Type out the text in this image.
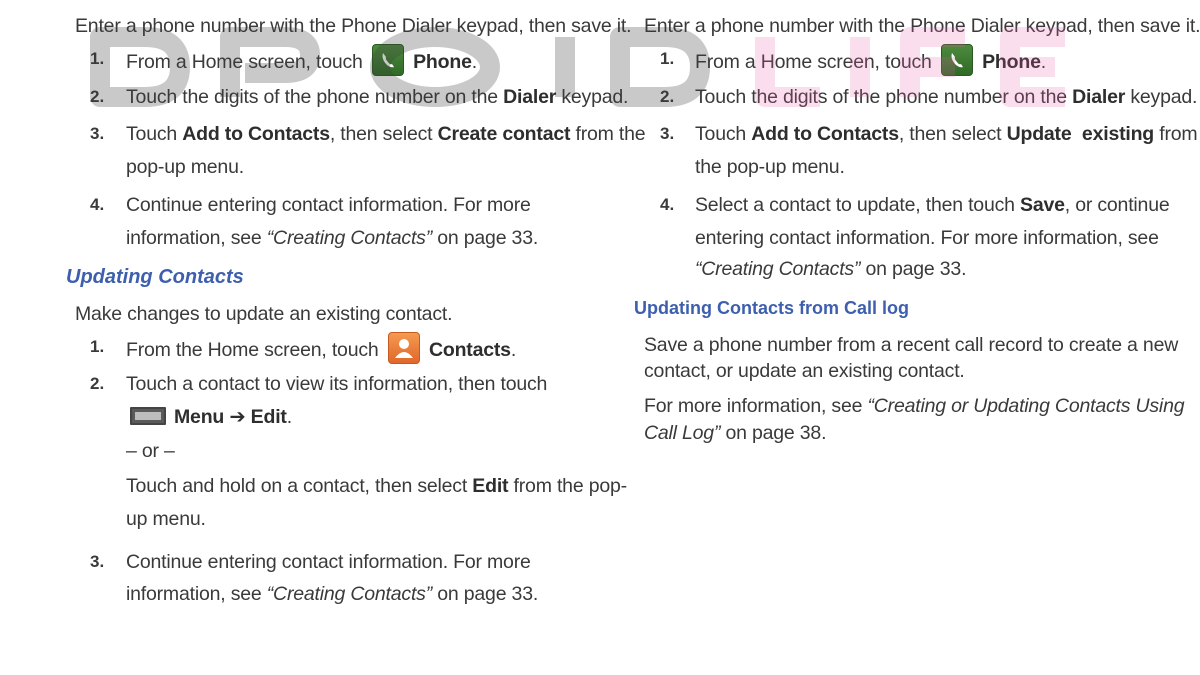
Enter a phone number with the Phone Dialer keypad, then save it.
1. From a Home screen, touch	Phone.
2. Touch the digits of the phone number on the Dialer keypad.
3. Touch Add to Contacts, then select Create contact from the
pop-up menu.
4. Continue entering contact information. For more
information, see “Creating Contacts” on page 33.
Updating Contacts
Make changes to update an existing contact.
1. From the Home screen, touch	Contacts.
2. Touch a contact to view its information, then touch
Menu ➔ Edit.
– or –
Touch and hold on a contact, then select Edit from the pop-
up menu.
3. Continue entering contact information. For more
information, see “Creating Contacts” on page 33.
Enter a phone number with the Phone Dialer keypad, then save it.
1. From a Home screen, touch	Phone.
2. Touch the digits of the phone number on the Dialer keypad.
3. Touch Add to Contacts, then select Update  existing from
the pop-up menu.
4. Select a contact to update, then touch Save, or continue
entering contact information. For more information, see
“Creating Contacts” on page 33.
Updating Contacts from Call log
Save a phone number from a recent call record to create a new
contact, or update an existing contact.
For more information, see “Creating or Updating Contacts Using
Call Log” on page 38.
DROIDLIFE
